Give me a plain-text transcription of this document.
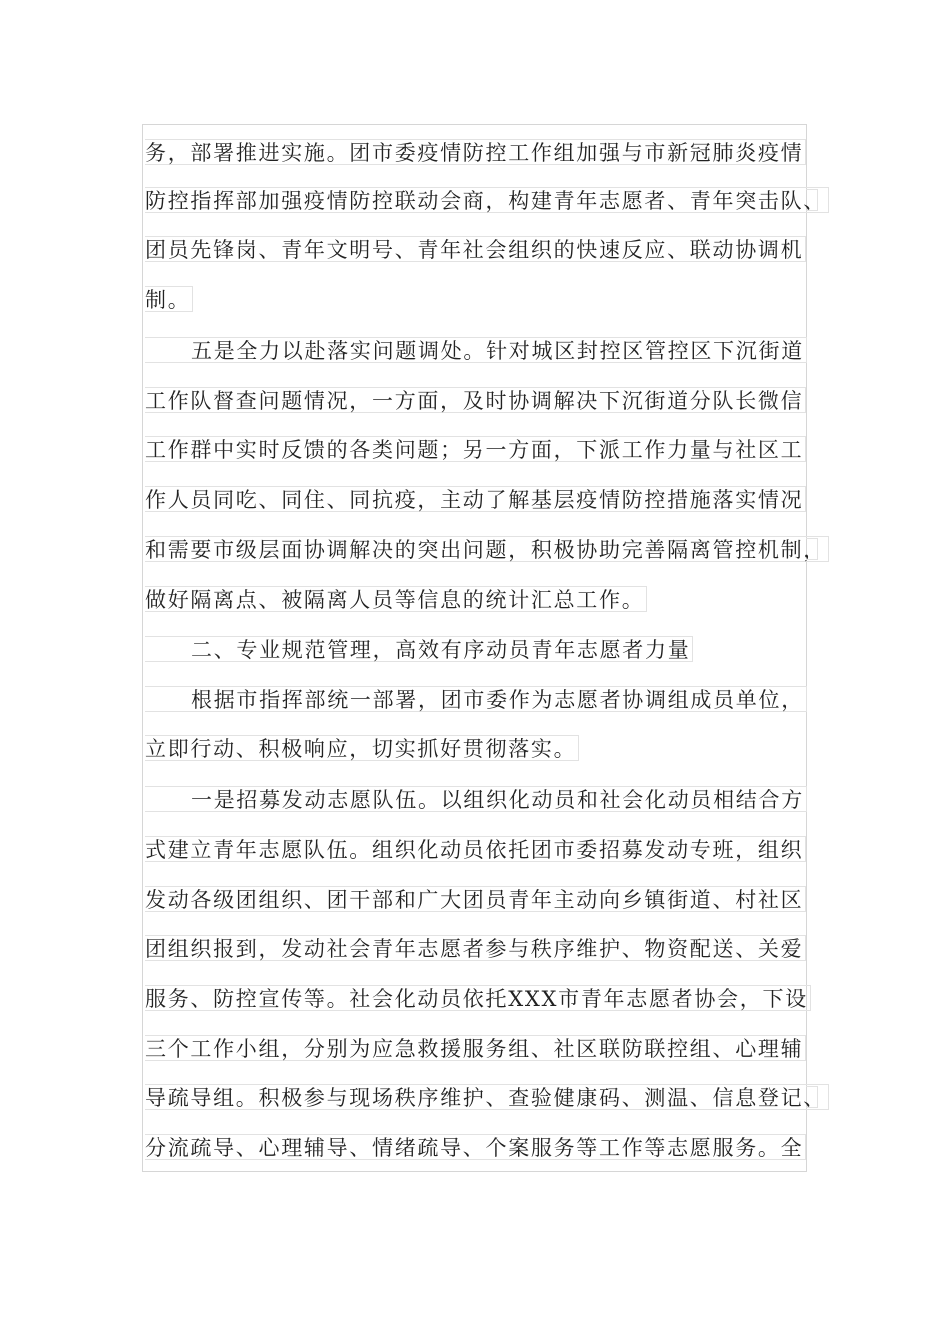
务，部署推进实施。团市委疫情防控工作组加强与市新冠肺炎疫情
防控指挥部加强疫情防控联动会商，构建青年志愿者、青年突击队、
团员先锋岗、青年文明号、青年社会组织的快速反应、联动协调机
制。
五是全力以赴落实问题调处。针对城区封控区管控区下沉街道
工作队督查问题情况，一方面，及时协调解决下沉街道分队长微信
工作群中实时反馈的各类问题；另一方面，下派工作力量与社区工
作人员同吃、同住、同抗疫，主动了解基层疫情防控措施落实情况
和需要市级层面协调解决的突出问题，积极协助完善隔离管控机制，
做好隔离点、被隔离人员等信息的统计汇总工作。
二、专业规范管理，高效有序动员青年志愿者力量
根据市指挥部统一部署，团市委作为志愿者协调组成员单位，
立即行动、积极响应，切实抓好贯彻落实。
一是招募发动志愿队伍。以组织化动员和社会化动员相结合方
式建立青年志愿队伍。组织化动员依托团市委招募发动专班，组织
发动各级团组织、团干部和广大团员青年主动向乡镇街道、村社区
团组织报到，发动社会青年志愿者参与秩序维护、物资配送、关爱
服务、防控宣传等。社会化动员依托XXX市青年志愿者协会，下设
三个工作小组，分别为应急救援服务组、社区联防联控组、心理辅
导疏导组。积极参与现场秩序维护、查验健康码、测温、信息登记、
分流疏导、心理辅导、情绪疏导、个案服务等工作等志愿服务。全
